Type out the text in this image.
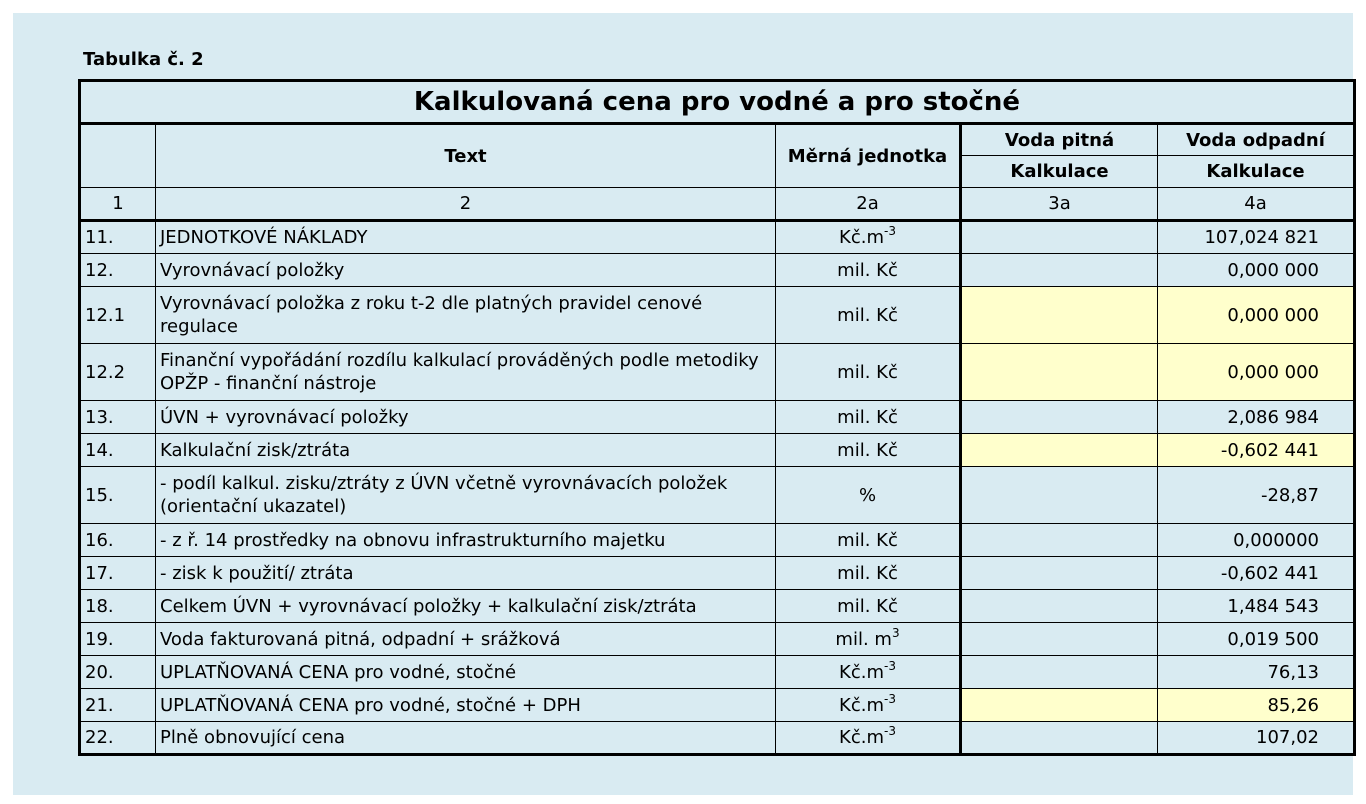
Tabulka č. 2
Kalkulovaná cena pro vodné a pro stočné				
	Text	Měrná jednotka	Voda pitná	Voda odpadní
			Kalkulace	Kalkulace
1	2	2a	3a	4a
11.	JEDNOTKOVÉ NÁKLADY	$Kč.m^{-3}$		107,024 821
12.	Vyrovnávací položky	mil. Kč		0,000 000
12.1	Vyrovnávací položka z roku t-2 dle platných pravidel cenové regulace	mil. Kč		0,000 000
12.2	Finanční vypořádání rozdílu kalkulací prováděných podle metodiky OPŽP - finanční nástroje	mil. Kč		0,000 000
13.	ÚVN + vyrovnávací položky	mil. Kč		2,086 984
14.	Kalkulační zisk/ztráta	mil. Kč		-0,602 441
15.	- podíl kalkul. zisku/ztráty z ÚVN včetně vyrovnávacích položek (orientační ukazatel)	%		-28,87
16.	- z ř. 14 prostředky na obnovu infrastrukturního majetku	mil. Kč		0,000000
17.	- zisk k použití/ ztráta	mil. Kč		-0,602 441
18.	Celkem ÚVN + vyrovnávací položky + kalkulační zisk/ztráta	mil. Kč		1,484 543
19.	Voda fakturovaná pitná, odpadní + srážková	mil. $m^3$		0,019 500
20.	UPLATŇOVANÁ CENA pro vodné, stočné	$Kč.m^{-3}$		76,13
21.	UPLATŇOVANÁ CENA pro vodné, stočné + DPH	$Kč.m^{-3}$		85,26
22.	Plně obnovující cena	$Kč.m^{-3}$		107,02
